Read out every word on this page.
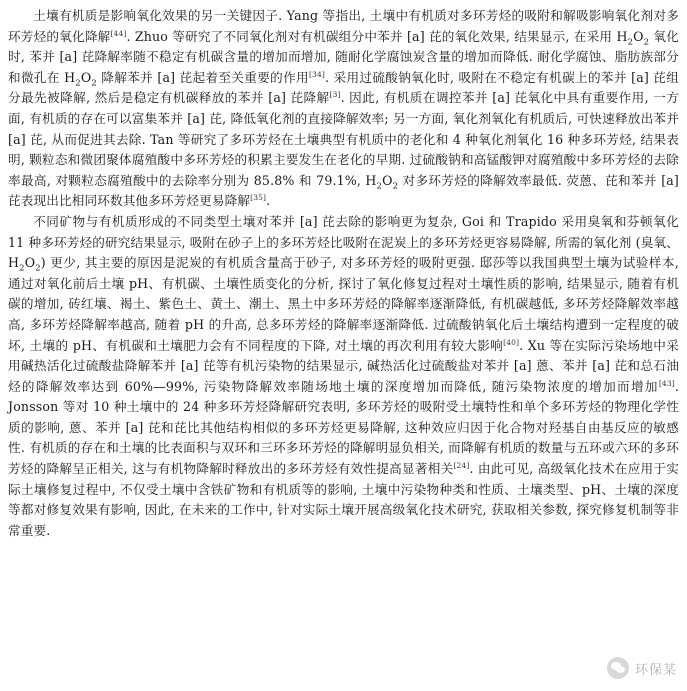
土壤有机质是影响氧化效果的另一关键因子. Yang 等指出, 土壤中有机质对多环芳烃的吸附和解吸影响氧化剂对多环芳烃的氧化降解[44]. Zhuo 等研究了不同氧化剂对有机碳组分中苯并 [a] 芘的氧化效果, 结果显示, 在采用 $H_2O_2$ 氧化时, 苯并 [a] 芘降解率随不稳定有机碳含量的增加而增加, 随耐化学腐蚀炭含量的增加而降低. 耐化学腐蚀、脂肪族部分和微孔在 $H_2O_2$ 降解苯并 [a] 芘起着至关重要的作用[34]. 采用过硫酸钠氧化时, 吸附在不稳定有机碳上的苯并 [a] 芘组分最先被降解, 然后是稳定有机碳释放的苯并 [a] 芘降解[3]. 因此, 有机质在调控苯并 [a] 芘氧化中具有重要作用, 一方面, 有机质的存在可以富集苯并 [a] 芘, 降低氧化剂的直接降解效率; 另一方面, 氧化剂氧化有机质后, 可快速释放出苯并 [a] 芘, 从而促进其去除. Tan 等研究了多环芳烃在土壤典型有机质中的老化和 4 种氧化剂氧化 16 种多环芳烃, 结果表明, 颗粒态和微团聚体腐殖酸中多环芳烃的积累主要发生在老化的早期. 过硫酸钠和高锰酸钾对腐殖酸中多环芳烃的去除率最高, 对颗粒态腐殖酸中的去除率分别为 85.8% 和 79.1%, $H_2O_2$ 对多环芳烃的降解效率最低. 荧蒽、芘和苯并 [a] 芘表现出比相同环数其他多环芳烃更易降解[35].

不同矿物与有机质形成的不同类型土壤对苯并 [a] 芘去除的影响更为复杂, Goi 和 Trapido 采用臭氧和芬顿氧化 11 种多环芳烃的研究结果显示, 吸附在砂子上的多环芳烃比吸附在泥炭上的多环芳烃更容易降解, 所需的氧化剂 (臭氧、$H_2O_2$) 更少, 其主要的原因是泥炭的有机质含量高于砂子, 对多环芳烃的吸附更强. 邸莎等以我国典型土壤为试验样本, 通过对氧化前后土壤 pH、有机碳、土壤性质变化的分析, 探讨了氧化修复过程对土壤性质的影响, 结果显示, 随着有机碳的增加, 砖红壤、褐土、紫色土、黄土、潮土、黑土中多环芳烃的降解率逐渐降低, 有机碳越低, 多环芳烃降解效率越高, 多环芳烃降解率越高, 随着 pH 的升高, 总多环芳烃的降解率逐渐降低. 过硫酸钠氧化后土壤结构遭到一定程度的破坏, 土壤的 pH、有机碳和土壤肥力会有不同程度的下降, 对土壤的再次利用有较大影响[40]. Xu 等在实际污染场地中采用碱热活化过硫酸盐降解苯并 [a] 芘等有机污染物的结果显示, 碱热活化过硫酸盐对苯并 [a] 蒽、苯并 [a] 芘和总石油烃的降解效率达到 60%—99%, 污染物降解效率随场地土壤的深度增加而降低, 随污染物浓度的增加而增加[43]. Jonsson 等对 10 种土壤中的 24 种多环芳烃降解研究表明, 多环芳烃的吸附受土壤特性和单个多环芳烃的物理化学性质的影响, 蒽、苯并 [a] 芘和芘比其他结构相似的多环芳烃更易降解, 这种效应归因于化合物对羟基自由基反应的敏感性. 有机质的存在和土壤的比表面积与双环和三环多环芳烃的降解明显负相关, 而降解有机质的数量与五环或六环的多环芳烃的降解呈正相关, 这与有机物降解时释放出的多环芳烃有效性提高显著相关[24]. 由此可见, 高级氧化技术在应用于实际土壤修复过程中, 不仅受土壤中含铁矿物和有机质等的影响, 土壤中污染物种类和性质、土壤类型、pH、土壤的深度等都对修复效果有影响, 因此, 在未来的工作中, 针对实际土壤开展高级氧化技术研究, 获取相关参数, 探究修复机制等非常重要.

环保某
